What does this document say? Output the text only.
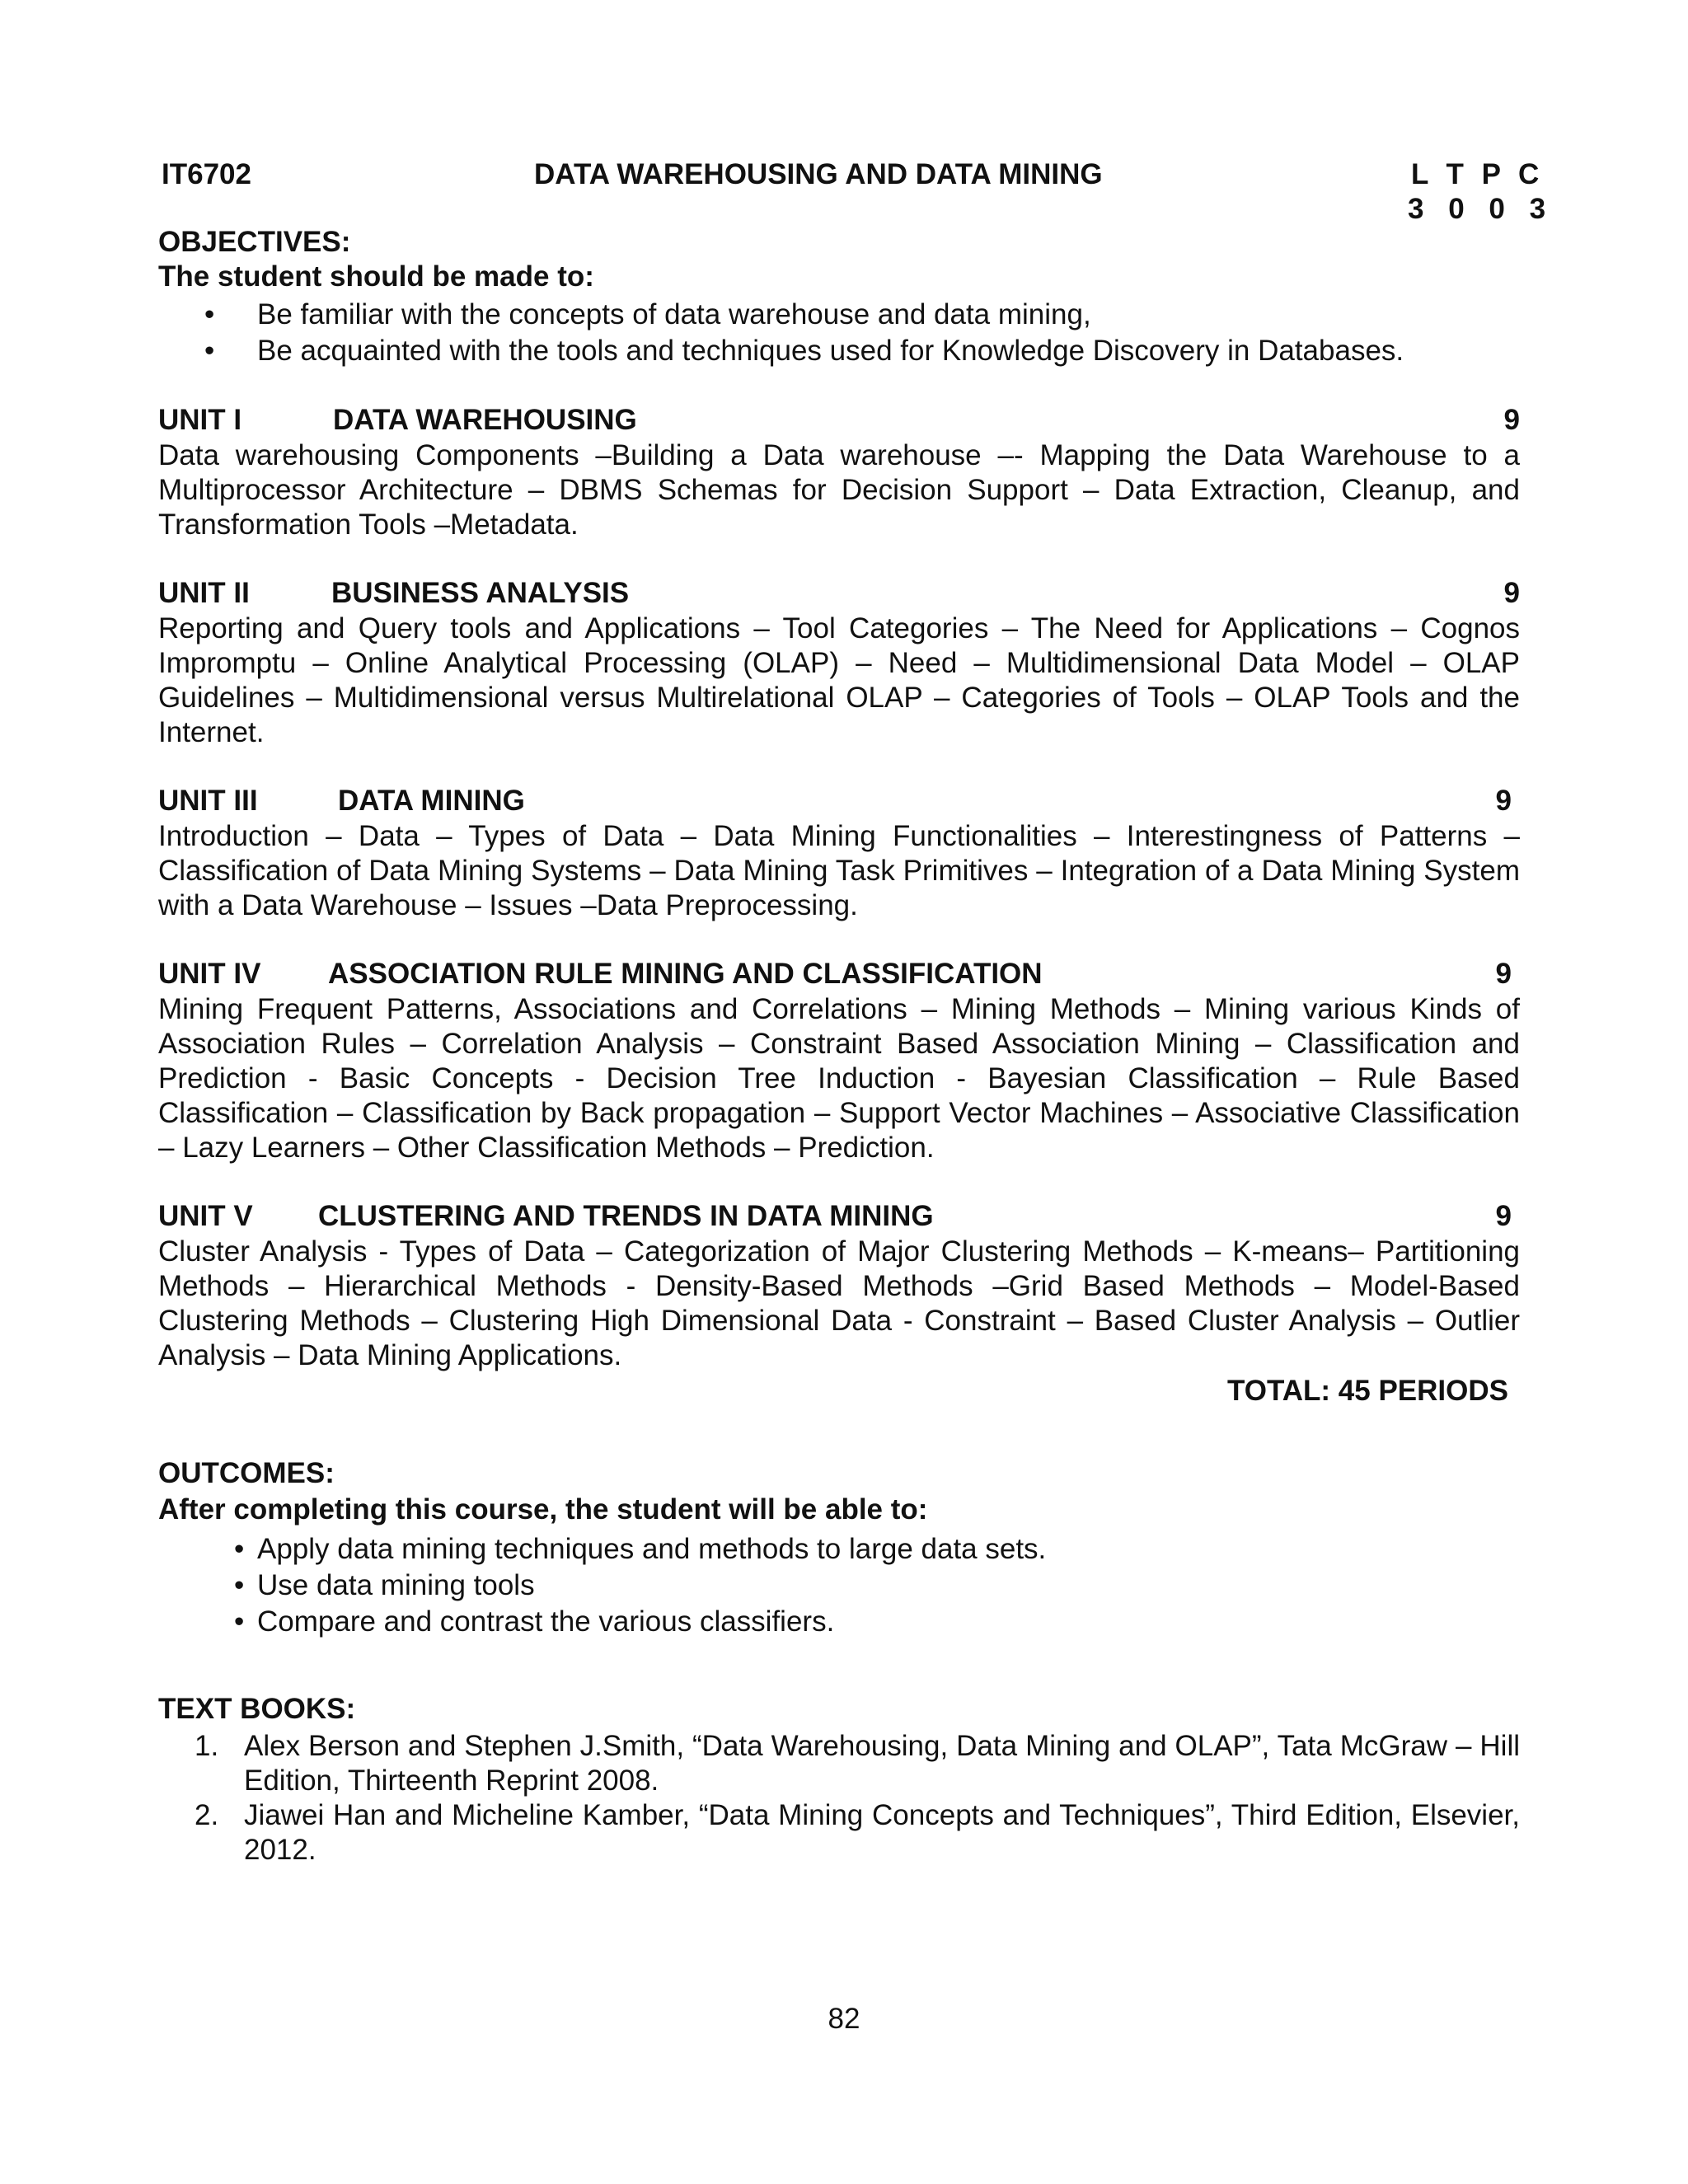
IT6702	DATA WAREHOUSING AND DATA MINING	L T P C
3 0 0 3
OBJECTIVES:
The student should be made to:
• Be familiar with the concepts of data warehouse and data mining,
• Be acquainted with the tools and techniques used for Knowledge Discovery in Databases.
UNIT I	DATA WAREHOUSING	9

Data warehousing Components –Building a Data warehouse –- Mapping the Data Warehouse to a Multiprocessor Architecture – DBMS Schemas for Decision Support – Data Extraction, Cleanup, and Transformation Tools –Metadata.

UNIT II	BUSINESS ANALYSIS	9

Reporting and Query tools and Applications – Tool Categories – The Need for Applications – Cognos Impromptu – Online Analytical Processing (OLAP) – Need – Multidimensional Data Model – OLAP Guidelines – Multidimensional versus Multirelational OLAP – Categories of Tools – OLAP Tools and the Internet.

UNIT III	DATA MINING	9

Introduction – Data – Types of Data – Data Mining Functionalities – Interestingness of Patterns – Classification of Data Mining Systems – Data Mining Task Primitives – Integration of a Data Mining System with a Data Warehouse – Issues –Data Preprocessing.

UNIT IV ASSOCIATION RULE MINING AND CLASSIFICATION	9

Mining Frequent Patterns, Associations and Correlations – Mining Methods – Mining various Kinds of Association Rules – Correlation Analysis – Constraint Based Association Mining – Classification and Prediction - Basic Concepts - Decision Tree Induction - Bayesian Classification – Rule Based Classification – Classification by Back propagation – Support Vector Machines – Associative Classification – Lazy Learners – Other Classification Methods – Prediction.

UNIT V CLUSTERING AND TRENDS IN DATA MINING	9

Cluster Analysis - Types of Data – Categorization of Major Clustering Methods – K-means– Partitioning Methods – Hierarchical Methods - Density-Based Methods –Grid Based Methods – Model-Based Clustering Methods – Clustering High Dimensional Data - Constraint – Based Cluster Analysis – Outlier Analysis – Data Mining Applications.

TOTAL: 45 PERIODS
OUTCOMES:
After completing this course, the student will be able to:
• Apply data mining techniques and methods to large data sets.
• Use data mining tools
• Compare and contrast the various classifiers.
TEXT BOOKS:
1. Alex Berson and Stephen J.Smith, “Data Warehousing, Data Mining and OLAP”, Tata McGraw – Hill Edition, Thirteenth Reprint 2008.
2. Jiawei Han and Micheline Kamber, “Data Mining Concepts and Techniques”, Third Edition, Elsevier, 2012.
82
